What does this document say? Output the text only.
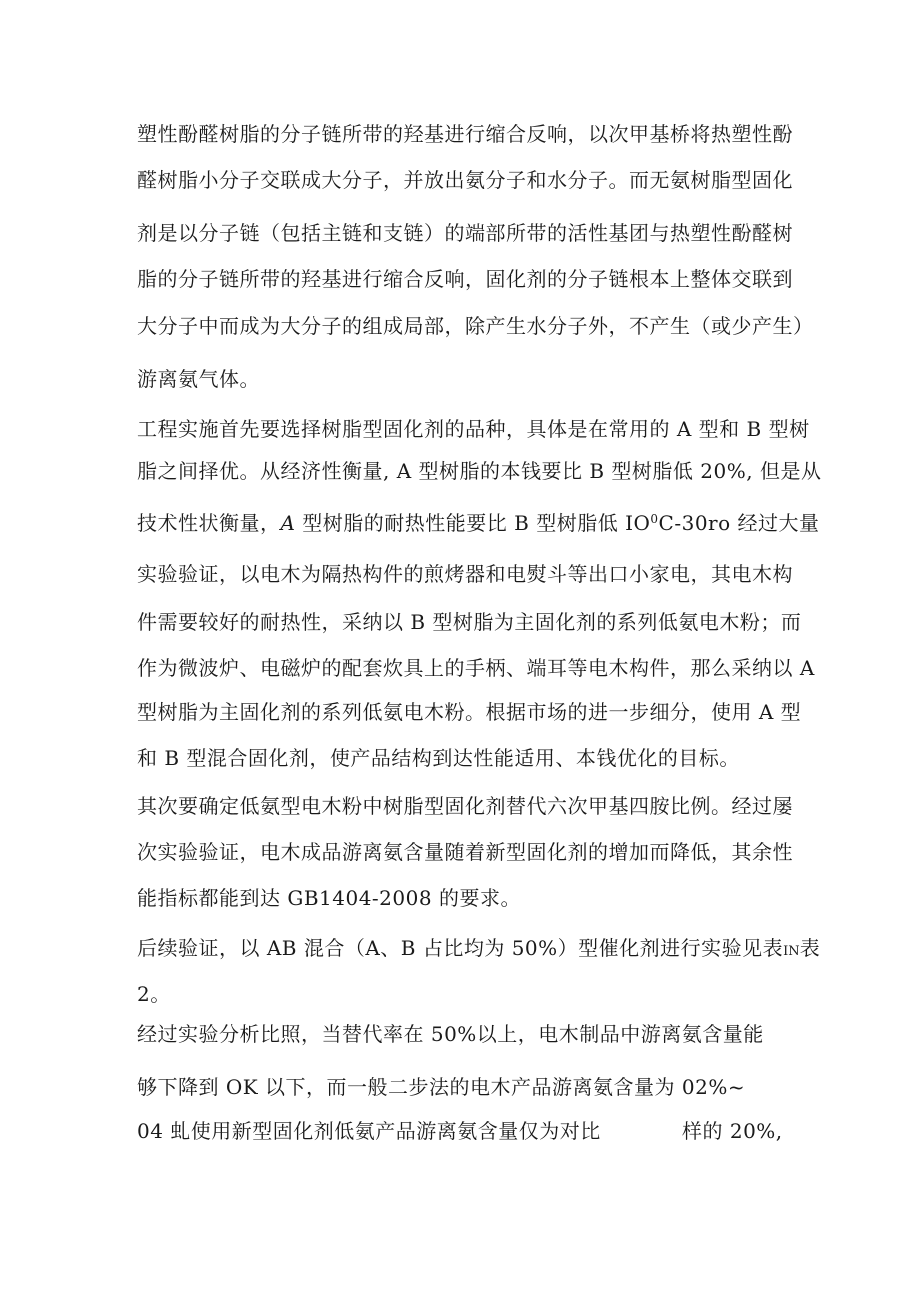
塑性酚醛树脂的分子链所带的羟基进行缩合反响，以次甲基桥将热塑性酚
醛树脂小分子交联成大分子，并放出氨分子和水分子。而无氨树脂型固化
剂是以分子链（包括主链和支链）的端部所带的活性基团与热塑性酚醛树
脂的分子链所带的羟基进行缩合反响，固化剂的分子链根本上整体交联到
大分子中而成为大分子的组成局部，除产生水分子外，不产生（或少产生）
游离氨气体。
工程实施首先要选择树脂型固化剂的品种，具体是在常用的 A 型和 B 型树
脂之间择优。从经济性衡量, A 型树脂的本钱要比 B 型树脂低 20%, 但是从
技术性状衡量，A 型树脂的耐热性能要比 B 型树脂低 $IO^0C-30ro$ 经过大量
实验验证，以电木为隔热构件的煎烤器和电熨斗等出口小家电，其电木构
件需要较好的耐热性，采纳以 B 型树脂为主固化剂的系列低氨电木粉；而
作为微波炉、电磁炉的配套炊具上的手柄、端耳等电木构件，那么采纳以 A
型树脂为主固化剂的系列低氨电木粉。根据市场的进一步细分，使用 A 型
和 B 型混合固化剂，使产品结构到达性能适用、本钱优化的目标。
其次要确定低氨型电木粉中树脂型固化剂替代六次甲基四胺比例。经过屡
次实验验证，电木成品游离氨含量随着新型固化剂的增加而降低，其余性
能指标都能到达 GB1404-2008 的要求。
后续验证，以 AB 混合（A、B 占比均为 50%）型催化剂进行实验见表IN表
2。
经过实验分析比照，当替代率在 50%以上，电木制品中游离氨含量能
够下降到 OK 以下，而一般二步法的电木产品游离氨含量为 02%~
04 虬使用新型固化剂低氨产品游离氨含量仅为对比	样的 20%,
